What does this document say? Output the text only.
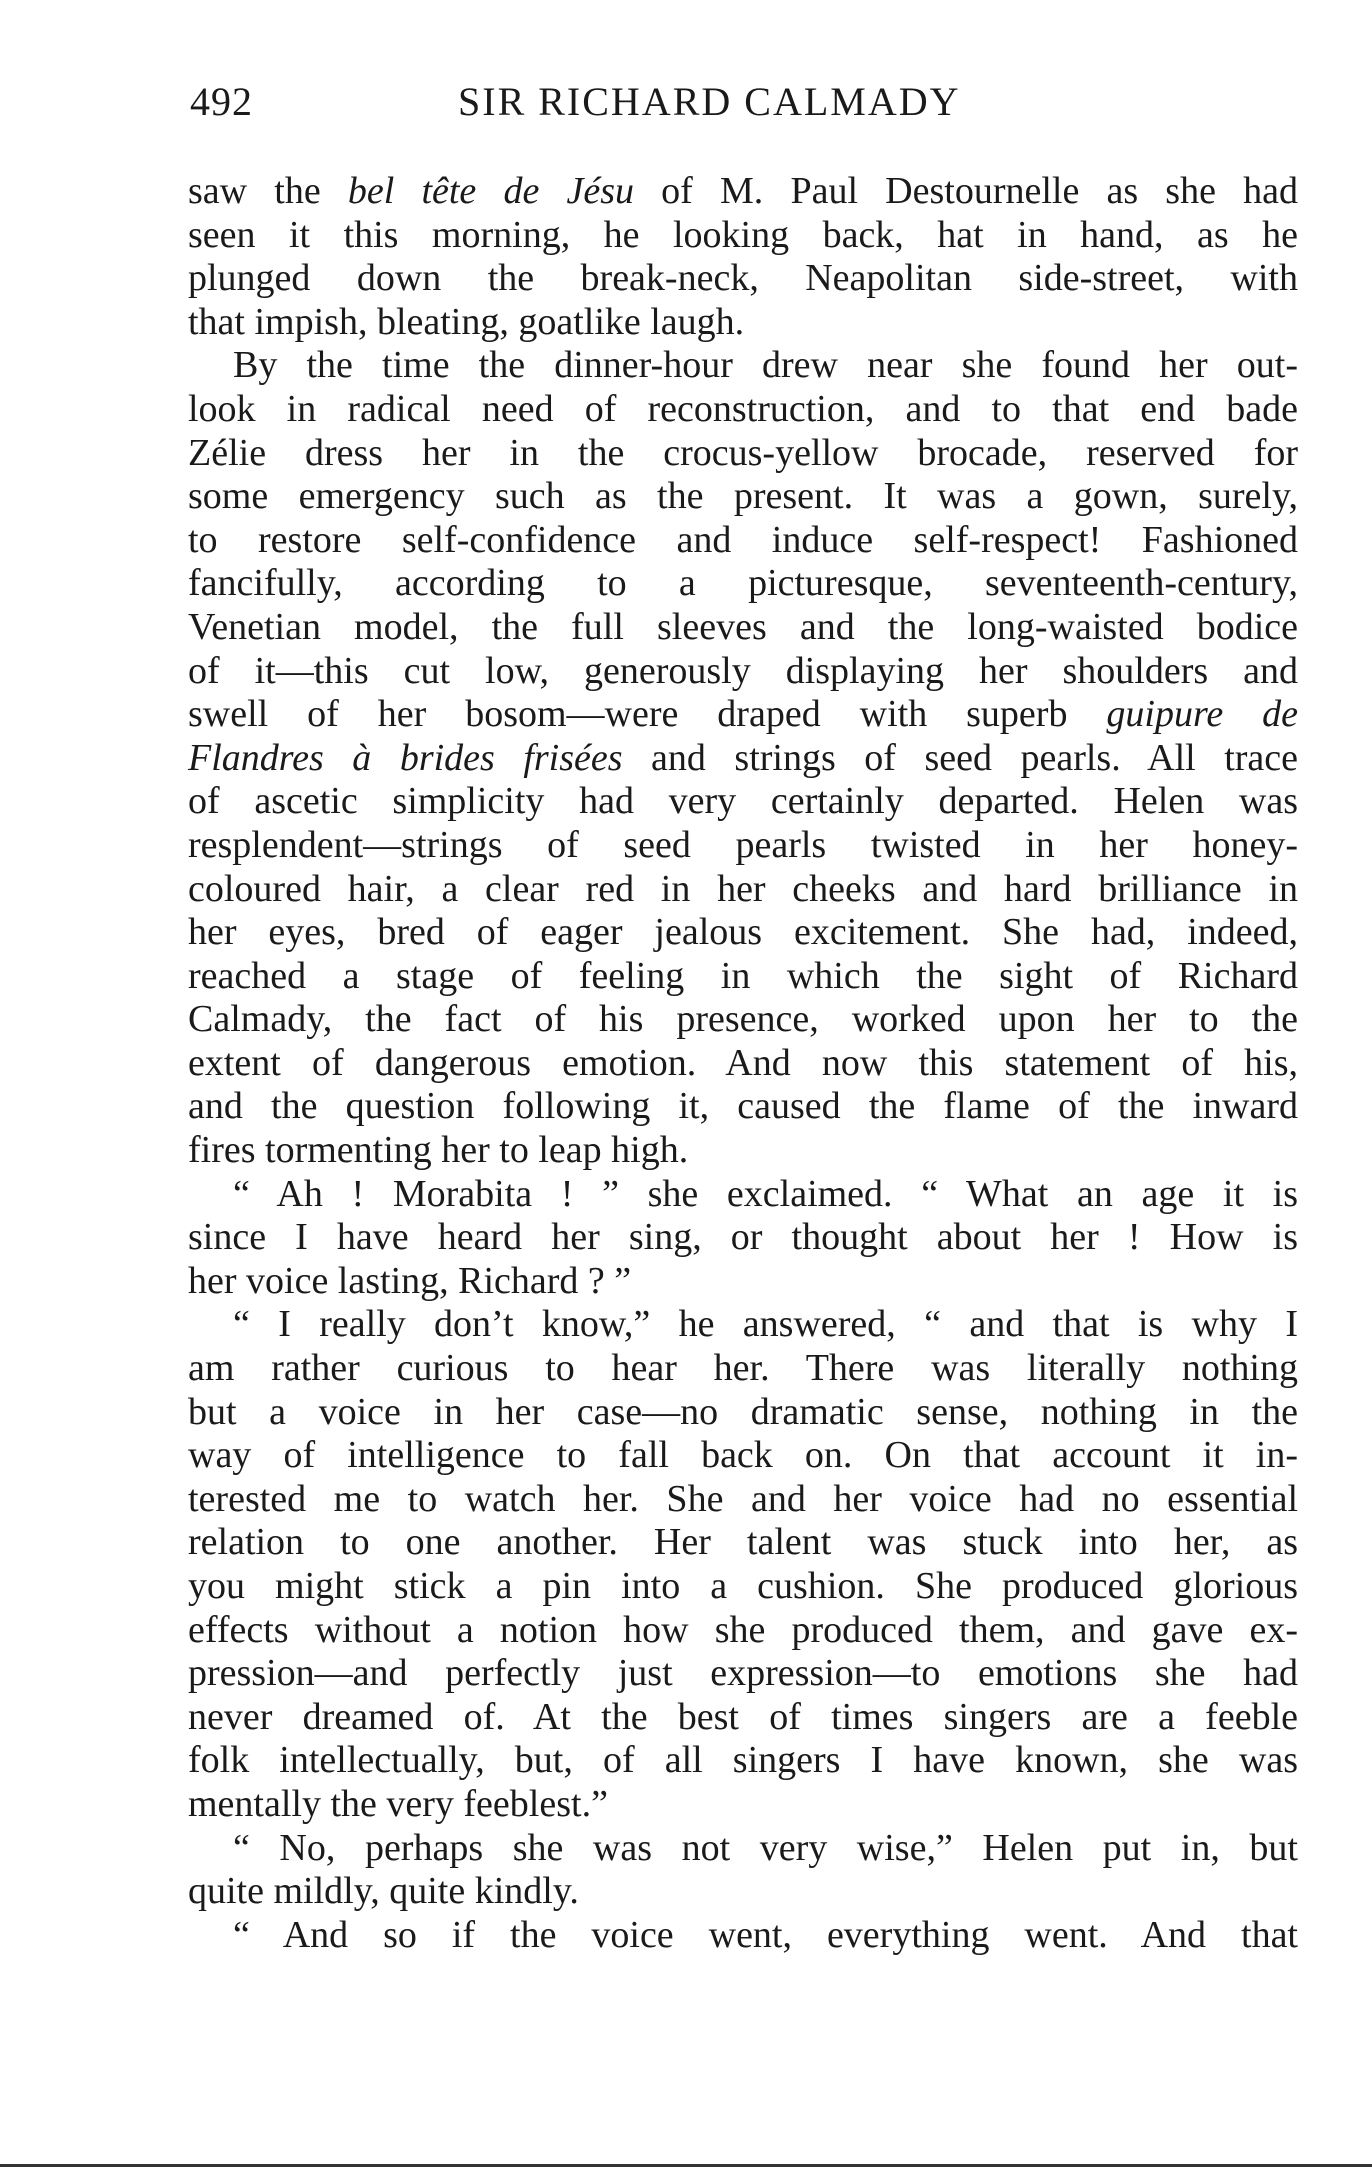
492	SIR RICHARD CALMADY
saw the bel tête de Jésu of M. Paul Destournelle as she had
seen it this morning, he looking back, hat in hand, as he
plunged down the break-neck, Neapolitan side-street, with
that impish, bleating, goatlike laugh.
By the time the dinner-hour drew near she found her out-
look in radical need of reconstruction, and to that end bade
Zélie dress her in the crocus-yellow brocade, reserved for
some emergency such as the present. It was a gown, surely,
to restore self-confidence and induce self-respect! Fashioned
fancifully, according to a picturesque, seventeenth-century,
Venetian model, the full sleeves and the long-waisted bodice
of it—this cut low, generously displaying her shoulders and
swell of her bosom—were draped with superb guipure de
Flandres à brides frisées and strings of seed pearls. All trace
of ascetic simplicity had very certainly departed. Helen was
resplendent—strings of seed pearls twisted in her honey-
coloured hair, a clear red in her cheeks and hard brilliance in
her eyes, bred of eager jealous excitement. She had, indeed,
reached a stage of feeling in which the sight of Richard
Calmady, the fact of his presence, worked upon her to the
extent of dangerous emotion. And now this statement of his,
and the question following it, caused the flame of the inward
fires tormenting her to leap high.
“ Ah ! Morabita ! ” she exclaimed. “ What an age it is
since I have heard her sing, or thought about her ! How is
her voice lasting, Richard ? ”
“ I really don’t know,” he answered, “ and that is why I
am rather curious to hear her. There was literally nothing
but a voice in her case—no dramatic sense, nothing in the
way of intelligence to fall back on. On that account it in-
terested me to watch her. She and her voice had no essential
relation to one another. Her talent was stuck into her, as
you might stick a pin into a cushion. She produced glorious
effects without a notion how she produced them, and gave ex-
pression—and perfectly just expression—to emotions she had
never dreamed of. At the best of times singers are a feeble
folk intellectually, but, of all singers I have known, she was
mentally the very feeblest.”
“ No, perhaps she was not very wise,” Helen put in, but
quite mildly, quite kindly.
“ And so if the voice went, everything went. And that
